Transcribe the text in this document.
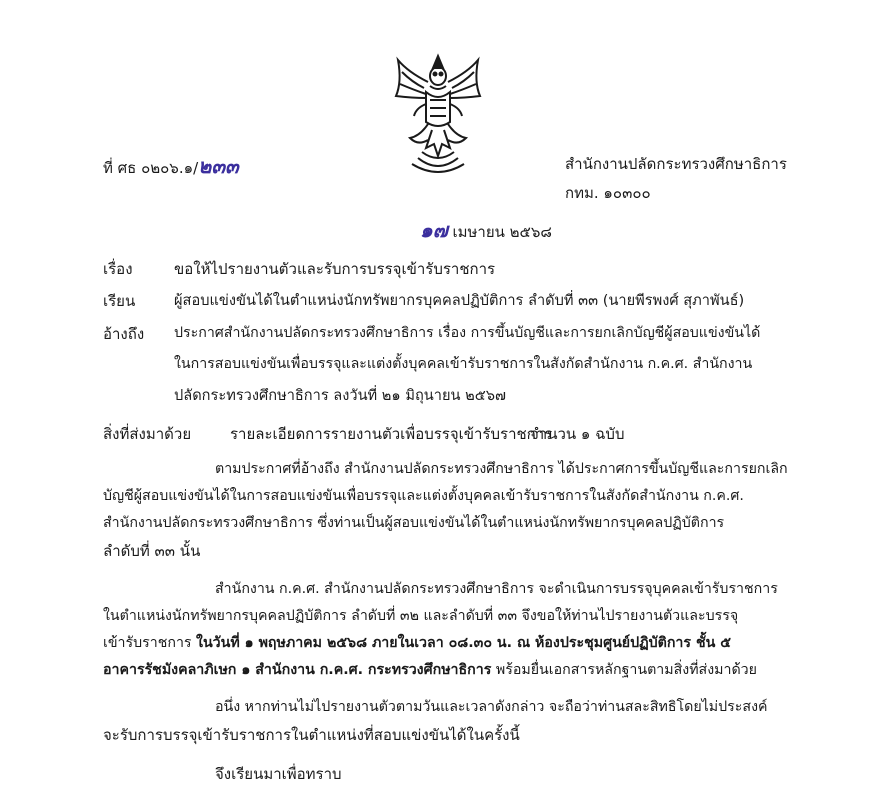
ที่ ศธ ๐๒๐๖.๑/๒๓๓	สำนักงานปลัดกระทรวงศึกษาธิการ
กทม. ๑๐๓๐๐
๑๗ เมษายน ๒๕๖๘
เรื่อง	ขอให้ไปรายงานตัวและรับการบรรจุเข้ารับราชการ
เรียน	ผู้สอบแข่งขันได้ในตำแหน่งนักทรัพยากรบุคคลปฏิบัติการ ลำดับที่ ๓๓ (นายพีรพงศ์ สุภาพันธ์)
อ้างถึง ประกาศสำนักงานปลัดกระทรวงศึกษาธิการ เรื่อง การขึ้นบัญชีและการยกเลิกบัญชีผู้สอบแข่งขันได้
ในการสอบแข่งขันเพื่อบรรจุและแต่งตั้งบุคคลเข้ารับราชการในสังกัดสำนักงาน ก.ค.ศ. สำนักงาน
ปลัดกระทรวงศึกษาธิการ ลงวันที่ ๒๑ มิถุนายน ๒๕๖๗
สิ่งที่ส่งมาด้วย	รายละเอียดการรายงานตัวเพื่อบรรจุเข้ารับราชการ
จำนวน ๑ ฉบับ
ตามประกาศที่อ้างถึง สำนักงานปลัดกระทรวงศึกษาธิการ ได้ประกาศการขึ้นบัญชีและการยกเลิก
บัญชีผู้สอบแข่งขันได้ในการสอบแข่งขันเพื่อบรรจุและแต่งตั้งบุคคลเข้ารับราชการในสังกัดสำนักงาน ก.ค.ศ.
สำนักงานปลัดกระทรวงศึกษาธิการ ซึ่งท่านเป็นผู้สอบแข่งขันได้ในตำแหน่งนักทรัพยากรบุคคลปฏิบัติการ
ลำดับที่ ๓๓ นั้น
สำนักงาน ก.ค.ศ. สำนักงานปลัดกระทรวงศึกษาธิการ จะดำเนินการบรรจุบุคคลเข้ารับราชการ
ในตำแหน่งนักทรัพยากรบุคคลปฏิบัติการ ลำดับที่ ๓๒ และลำดับที่ ๓๓ จึงขอให้ท่านไปรายงานตัวและบรรจุ
เข้ารับราชการ ในวันที่ ๑ พฤษภาคม ๒๕๖๘ ภายในเวลา ๐๘.๓๐ น. ณ ห้องประชุมศูนย์ปฏิบัติการ ชั้น ๕
อาคารรัชมังคลาภิเษก ๑ สำนักงาน ก.ค.ศ. กระทรวงศึกษาธิการ พร้อมยื่นเอกสารหลักฐานตามสิ่งที่ส่งมาด้วย
อนึ่ง หากท่านไม่ไปรายงานตัวตามวันและเวลาดังกล่าว จะถือว่าท่านสละสิทธิโดยไม่ประสงค์
จะรับการบรรจุเข้ารับราชการในตำแหน่งที่สอบแข่งขันได้ในครั้งนี้
จึงเรียนมาเพื่อทราบ
